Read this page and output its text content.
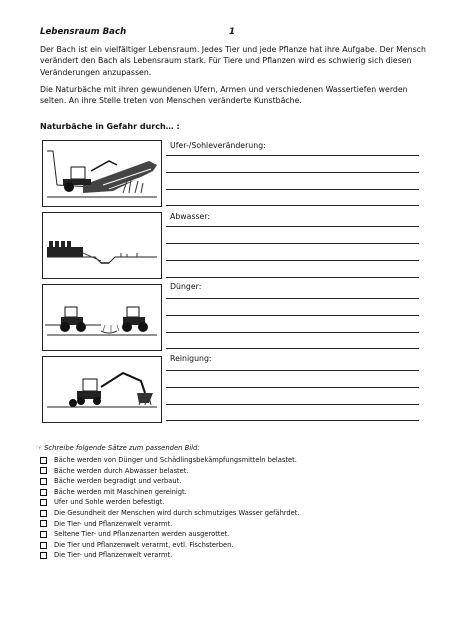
Lebensraum Bach	1
Der Bach ist ein vielfältiger Lebensraum. Jedes Tier und jede Pflanze hat ihre Aufgabe. Der Mensch verändert den Bach als Lebensraum stark. Für Tiere und Pflanzen wird es schwierig sich diesen Veränderungen anzupassen.
Die Naturbäche mit ihren gewundenen Ufern, Armen und verschiedenen Wassertiefen werden selten. An ihre Stelle treten von Menschen veränderte Kunstbäche.
Naturbäche in Gefahr durch… :
Ufer-/Sohleveränderung:
Abwasser:
Dünger:
Reinigung:
☞ Schreibe folgende Sätze zum passenden Bild:
Bäche werden von Dünger und Schädlingsbekämpfungsmitteln belastet.
Bäche werden durch Abwasser belastet.
Bäche werden begradigt und verbaut.
Bäche werden mit Maschinen gereinigt.
Ufer und Sohle werden befestigt.
Die Gesundheit der Menschen wird durch schmutziges Wasser gefährdet.
Die Tier- und Pflanzenwelt verarmt.
Seltene Tier- und Pflanzenarten werden ausgerottet.
Die Tier und Pflanzenwelt verarmt, evtl. Fischsterben.
Die Tier- und Pflanzenwelt verarmt.
